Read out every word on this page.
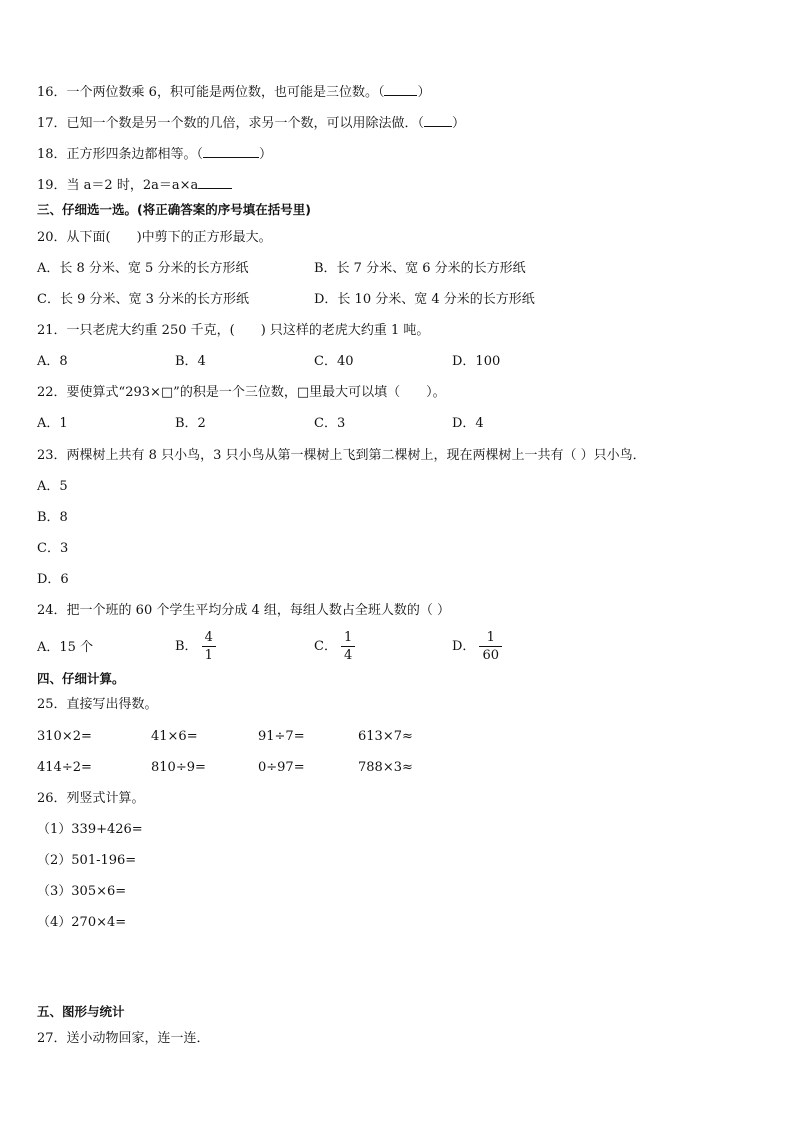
16．一个两位数乘 6，积可能是两位数，也可能是三位数。（	）
17．已知一个数是另一个数的几倍，求另一个数，可以用除法做．（ ）
18．正方形四条边都相等。（	）
19．当 a＝2 时，2a＝a×a
三、仔细选一选。(将正确答案的序号填在括号里)
20．从下面(　　)中剪下的正方形最大。
A．长 8 分米、宽 5 分米的长方形纸	B．长 7 分米、宽 6 分米的长方形纸
C．长 9 分米、宽 3 分米的长方形纸	D．长 10 分米、宽 4 分米的长方形纸
21．一只老虎大约重 250 千克，(　　) 只这样的老虎大约重 1 吨。
A．8	B．4	C．40	D．100
22．要使算式“293×□”的积是一个三位数，□里最大可以填（　　）。
A．1	B．2	C．3	D．4
23．两棵树上共有 8 只小鸟，3 只小鸟从第一棵树上飞到第二棵树上，现在两棵树上一共有（ ）只小鸟．
A．5
B．8
C．3
D．6
24．把一个班的 60 个学生平均分成 4 组，每组人数占全班人数的（ ）
A．15 个	B． $\frac{4}{1}$	C． $\frac{1}{4}$	D． $\frac{1}{60}$
四、仔细计算。
25．直接写出得数。
310×2=	41×6=	91÷7=	613×7≈
414÷2=	810÷9=	0÷97=	788×3≈
26．列竖式计算。
（1）339+426=
（2）501-196=
（3）305×6=
（4）270×4=
五、图形与统计
27．送小动物回家，连一连．
